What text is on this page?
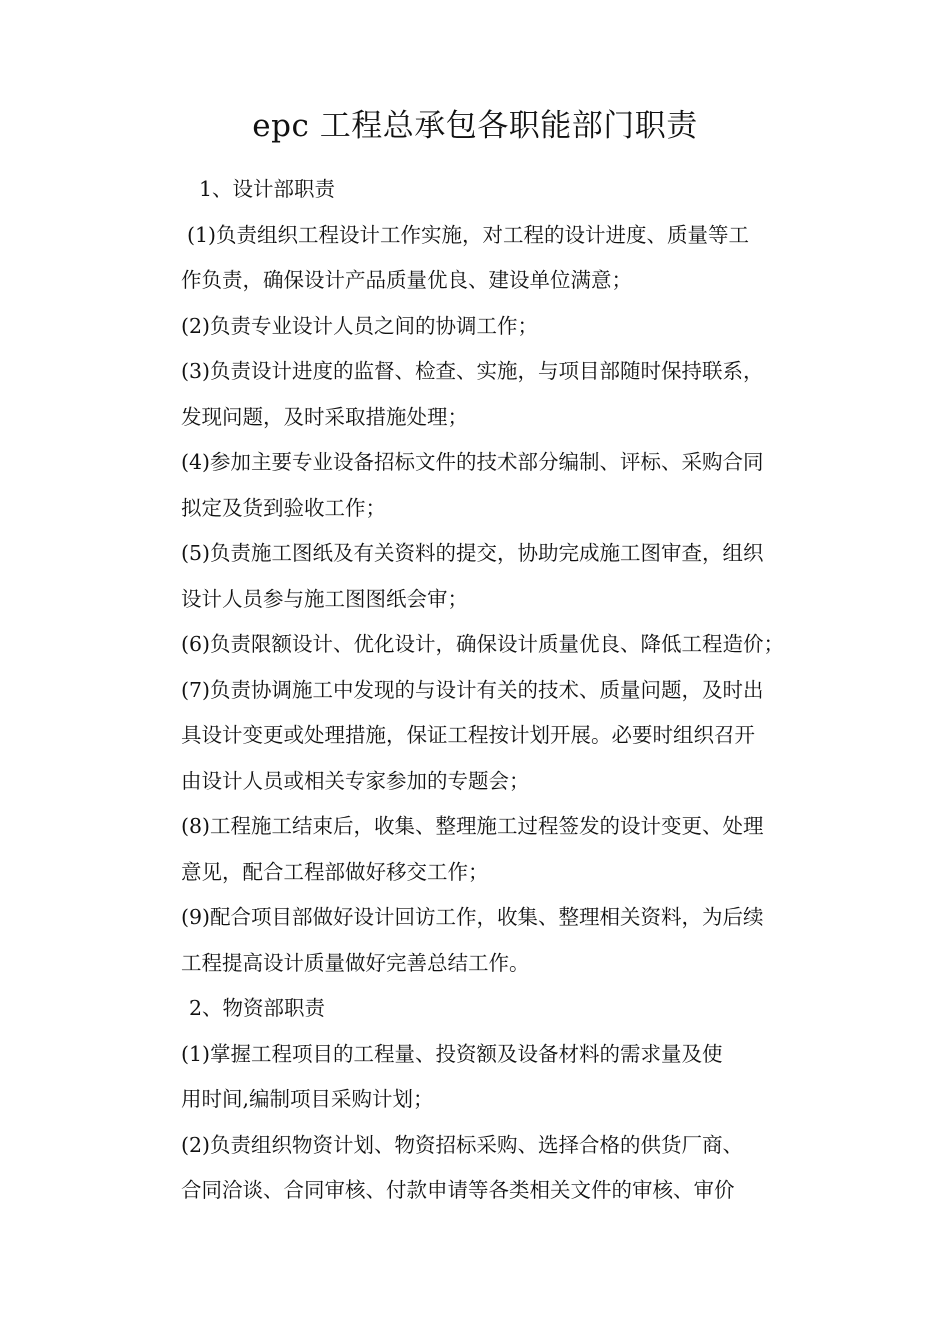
epc 工程总承包各职能部门职责

1、设计部职责

(1)负责组织工程设计工作实施，对工程的设计进度、质量等工

作负责，确保设计产品质量优良、建设单位满意；

(2)负责专业设计人员之间的协调工作；

(3)负责设计进度的监督、检查、实施，与项目部随时保持联系，

发现问题，及时采取措施处理；

(4)参加主要专业设备招标文件的技术部分编制、评标、采购合同

拟定及货到验收工作；

(5)负责施工图纸及有关资料的提交，协助完成施工图审查，组织

设计人员参与施工图图纸会审；

(6)负责限额设计、优化设计，确保设计质量优良、降低工程造价；

(7)负责协调施工中发现的与设计有关的技术、质量问题，及时出

具设计变更或处理措施，保证工程按计划开展。必要时组织召开

由设计人员或相关专家参加的专题会；

(8)工程施工结束后，收集、整理施工过程签发的设计变更、处理

意见，配合工程部做好移交工作；

(9)配合项目部做好设计回访工作，收集、整理相关资料，为后续

工程提高设计质量做好完善总结工作。

2、物资部职责

(1)掌握工程项目的工程量、投资额及设备材料的需求量及使

用时间,编制项目采购计划；

(2)负责组织物资计划、物资招标采购、选择合格的供货厂商、

合同洽谈、合同审核、付款申请等各类相关文件的审核、审价
